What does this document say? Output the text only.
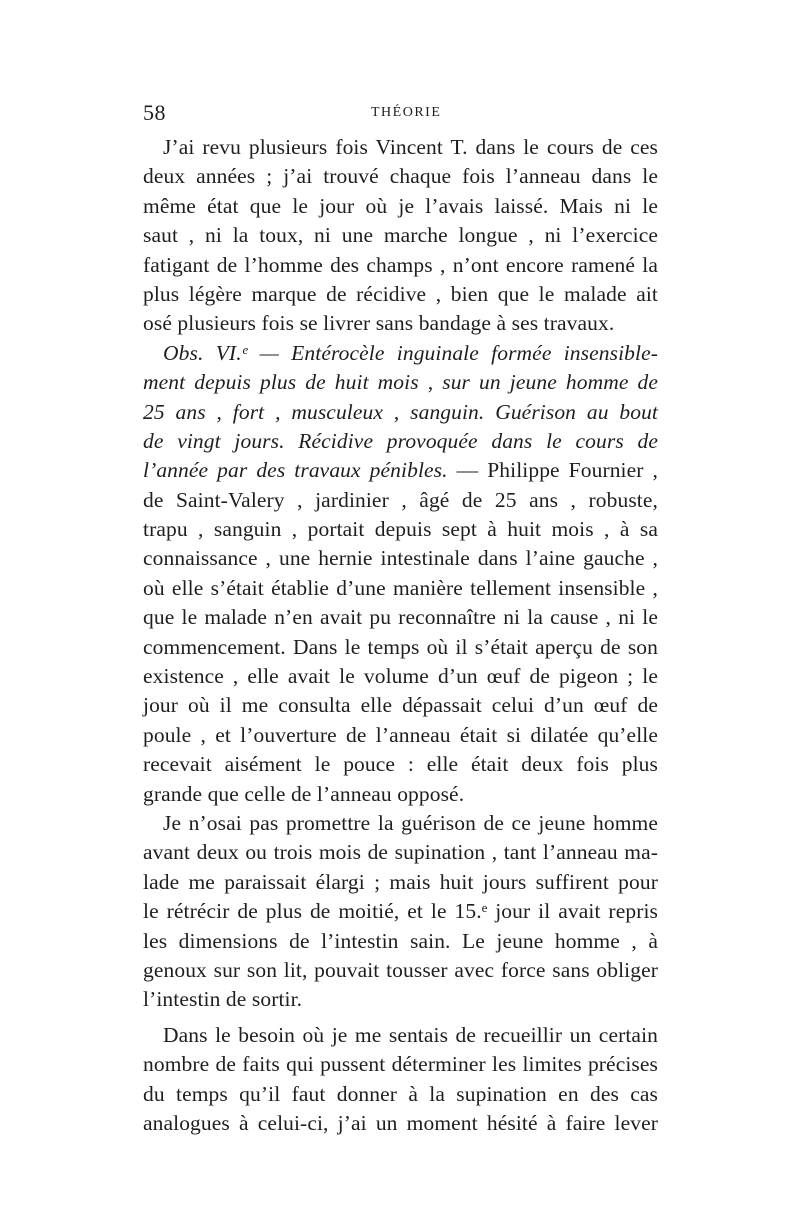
58	THÉORIE
J’ai revu plusieurs fois Vincent T. dans le cours de ces
deux années ; j’ai trouvé chaque fois l’anneau dans le
même état que le jour où je l’avais laissé. Mais ni le
saut , ni la toux, ni une marche longue , ni l’exercice
fatigant de l’homme des champs , n’ont encore ramené la
plus légère marque de récidive , bien que le malade ait
osé plusieurs fois se livrer sans bandage à ses travaux.
Obs. VI.ᵉ — Entérocèle inguinale formée insensible-
ment depuis plus de huit mois , sur un jeune homme de
25 ans , fort , musculeux , sanguin. Guérison au bout
de vingt jours. Récidive provoquée dans le cours de
l’année par des travaux pénibles. — Philippe Fournier ,
de Saint-Valery , jardinier , âgé de 25 ans , robuste,
trapu , sanguin , portait depuis sept à huit mois , à sa
connaissance , une hernie intestinale dans l’aine gauche ,
où elle s’était établie d’une manière tellement insensible ,
que le malade n’en avait pu reconnaître ni la cause , ni le
commencement. Dans le temps où il s’était aperçu de son
existence , elle avait le volume d’un œuf de pigeon ; le
jour où il me consulta elle dépassait celui d’un œuf de
poule , et l’ouverture de l’anneau était si dilatée qu’elle
recevait aisément le pouce : elle était deux fois plus
grande que celle de l’anneau opposé.
Je n’osai pas promettre la guérison de ce jeune homme
avant deux ou trois mois de supination , tant l’anneau ma-
lade me paraissait élargi ; mais huit jours suffirent pour
le rétrécir de plus de moitié, et le 15.ᵉ jour il avait repris
les dimensions de l’intestin sain. Le jeune homme , à
genoux sur son lit, pouvait tousser avec force sans obliger
l’intestin de sortir.
Dans le besoin où je me sentais de recueillir un certain
nombre de faits qui pussent déterminer les limites précises
du temps qu’il faut donner à la supination en des cas
analogues à celui-ci, j’ai un moment hésité à faire lever
